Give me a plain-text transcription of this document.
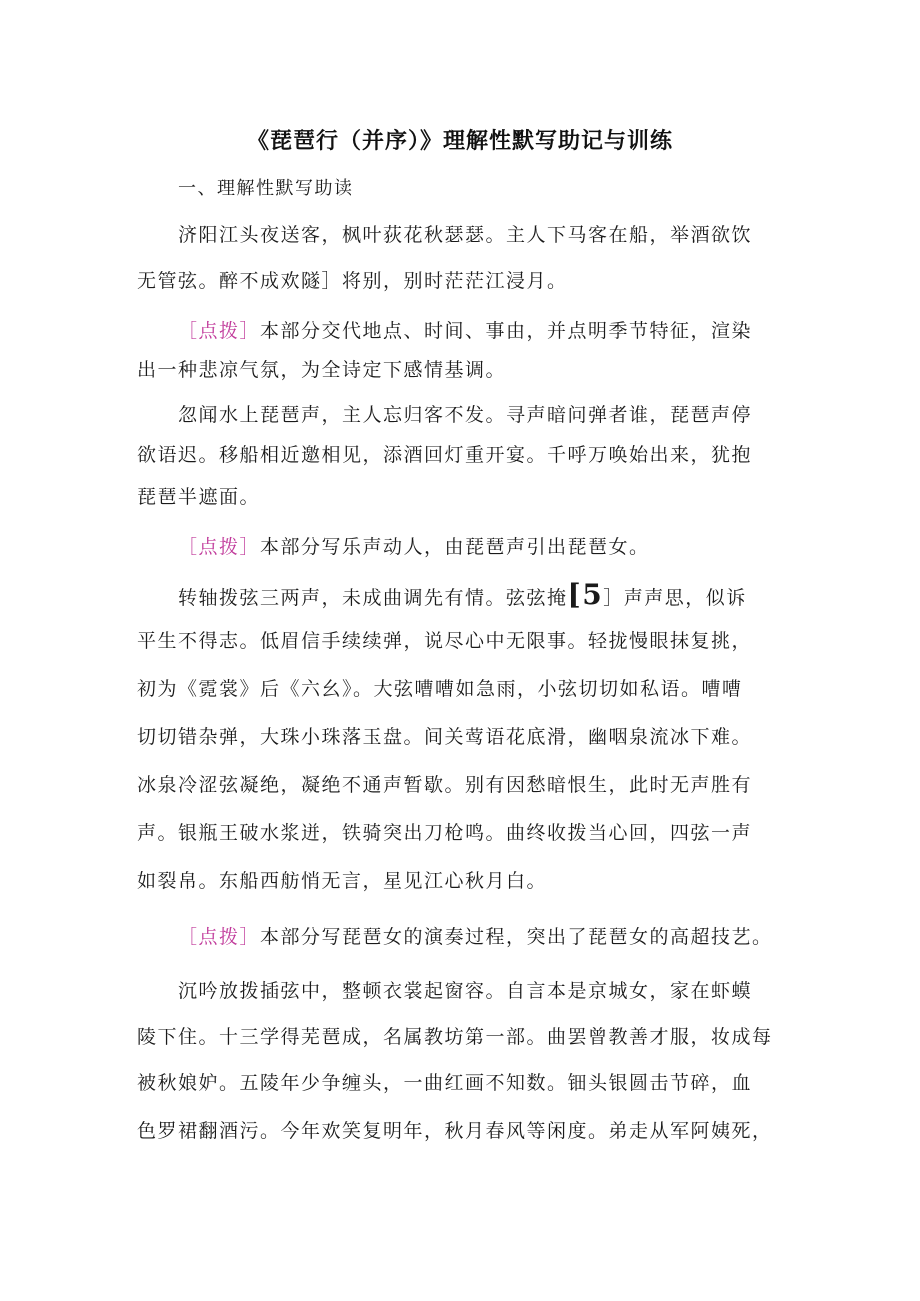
《琵琶行（并序）》理解性默写助记与训练
一、理解性默写助读
济阳江头夜送客，枫叶荻花秋瑟瑟。主人下马客在船，举酒欲饮
无管弦。醉不成欢隧］将别，别时茫茫江浸月。
［点拨］本部分交代地点、时间、事由，并点明季节特征，渲染
出一种悲凉气氛，为全诗定下感情基调。
忽闻水上琵琶声，主人忘归客不发。寻声暗问弹者谁，琵琶声停
欲语迟。移船相近邀相见，添酒回灯重开宴。千呼万唤始出来，犹抱
琵琶半遮面。
［点拨］本部分写乐声动人，由琵琶声引出琵琶女。
转轴拨弦三两声，未成曲调先有情。弦弦掩[5］声声思，似诉
平生不得志。低眉信手续续弹，说尽心中无限事。轻拢慢眼抹复挑，
初为《霓裳》后《六幺》。大弦嘈嘈如急雨，小弦切切如私语。嘈嘈
切切错杂弹，大珠小珠落玉盘。间关莺语花底滑，幽咽泉流冰下难。
冰泉冷涩弦凝绝，凝绝不通声暂歇。别有因愁暗恨生，此时无声胜有
声。银瓶王破水浆迸，铁骑突出刀枪鸣。曲终收拨当心回，四弦一声
如裂帛。东船西舫悄无言，星见江心秋月白。
［点拨］本部分写琵琶女的演奏过程，突出了琵琶女的高超技艺。
沉吟放拨插弦中，整顿衣裳起窗容。自言本是京城女，家在虾蟆
陵下住。十三学得芜琶成，名属教坊第一部。曲罢曾教善才服，妆成每
被秋娘妒。五陵年少争缠头，一曲红画不知数。钿头银圆击节碎，血
色罗裙翻酒污。今年欢笑复明年，秋月春风等闲度。弟走从军阿姨死，
